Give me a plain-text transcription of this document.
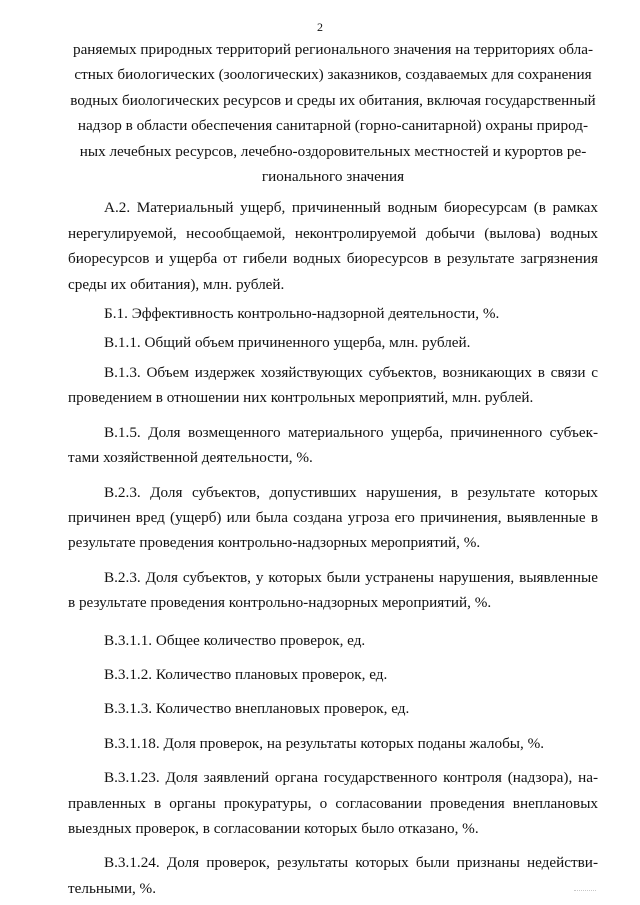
2
раняемых природных территорий регионального значения на территориях обла-
стных биологических (зоологических) заказников, создаваемых для сохранения
водных биологических ресурсов и среды их обитания, включая государственный
надзор в области обеспечения санитарной (горно-санитарной) охраны природ-
ных лечебных ресурсов, лечебно-оздоровительных местностей и курортов ре-
гионального значения

А.2. Материальный ущерб, причиненный водным биоресурсам (в рамках нерегулируемой, несообщаемой, неконтролируемой добычи (вылова) водных биоресурсов и ущерба от гибели водных биоресурсов в результате загрязнения среды их обитания), млн. рублей.

Б.1. Эффективность контрольно-надзорной деятельности, %.

В.1.1. Общий объем причиненного ущерба, млн. рублей.

В.1.3. Объем издержек хозяйствующих субъектов, возникающих в связи с проведением в отношении них контрольных мероприятий, млн. рублей.

В.1.5. Доля возмещенного материального ущерба, причиненного субъек-тами хозяйственной деятельности, %.

В.2.3. Доля субъектов, допустивших нарушения, в результате которых причинен вред (ущерб) или была создана угроза его причинения, выявленные в результате проведения контрольно-надзорных мероприятий, %.

В.2.3. Доля субъектов, у которых были устранены нарушения, выявленные в результате проведения контрольно-надзорных мероприятий, %.

В.3.1.1. Общее количество проверок, ед.

В.3.1.2. Количество плановых проверок, ед.

В.3.1.3. Количество внеплановых проверок, ед.

В.3.1.18. Доля проверок, на результаты которых поданы жалобы, %.

В.3.1.23. Доля заявлений органа государственного контроля (надзора), на-правленных в органы прокуратуры, о согласовании проведения внеплановых выездных проверок, в согласовании которых было отказано, %.

В.3.1.24. Доля проверок, результаты которых были признаны недействи-тельными, %.
